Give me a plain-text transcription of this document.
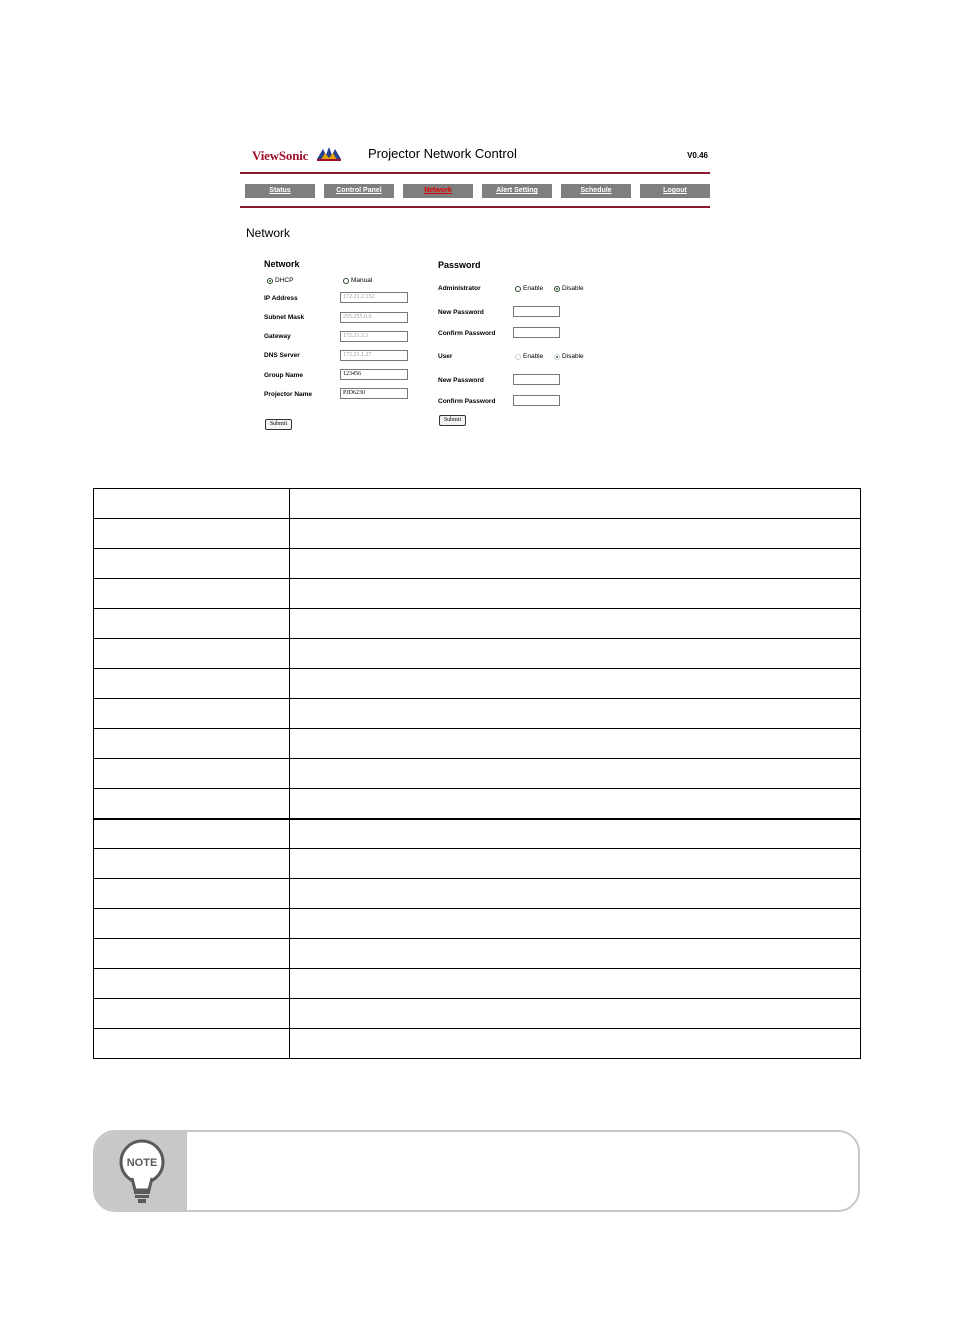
ViewSonic	Projector Network Control	V0.46
Status	Control Panel	Network	Alert Setting	Schedule	Logout
Network
Network
DHCP	Manual
IP Address	172.21.2.152
Subnet Mask	255.255.0.0
Gateway	172.21.3.1
DNS Server	172.21.1.27
Group Name	123456
Projector Name	PJD6230
Submit
Password
Administrator	Enable	Disable
New Password
Confirm Password
User	Enable	Disable
New Password
Confirm Password
Submit

NOTE
